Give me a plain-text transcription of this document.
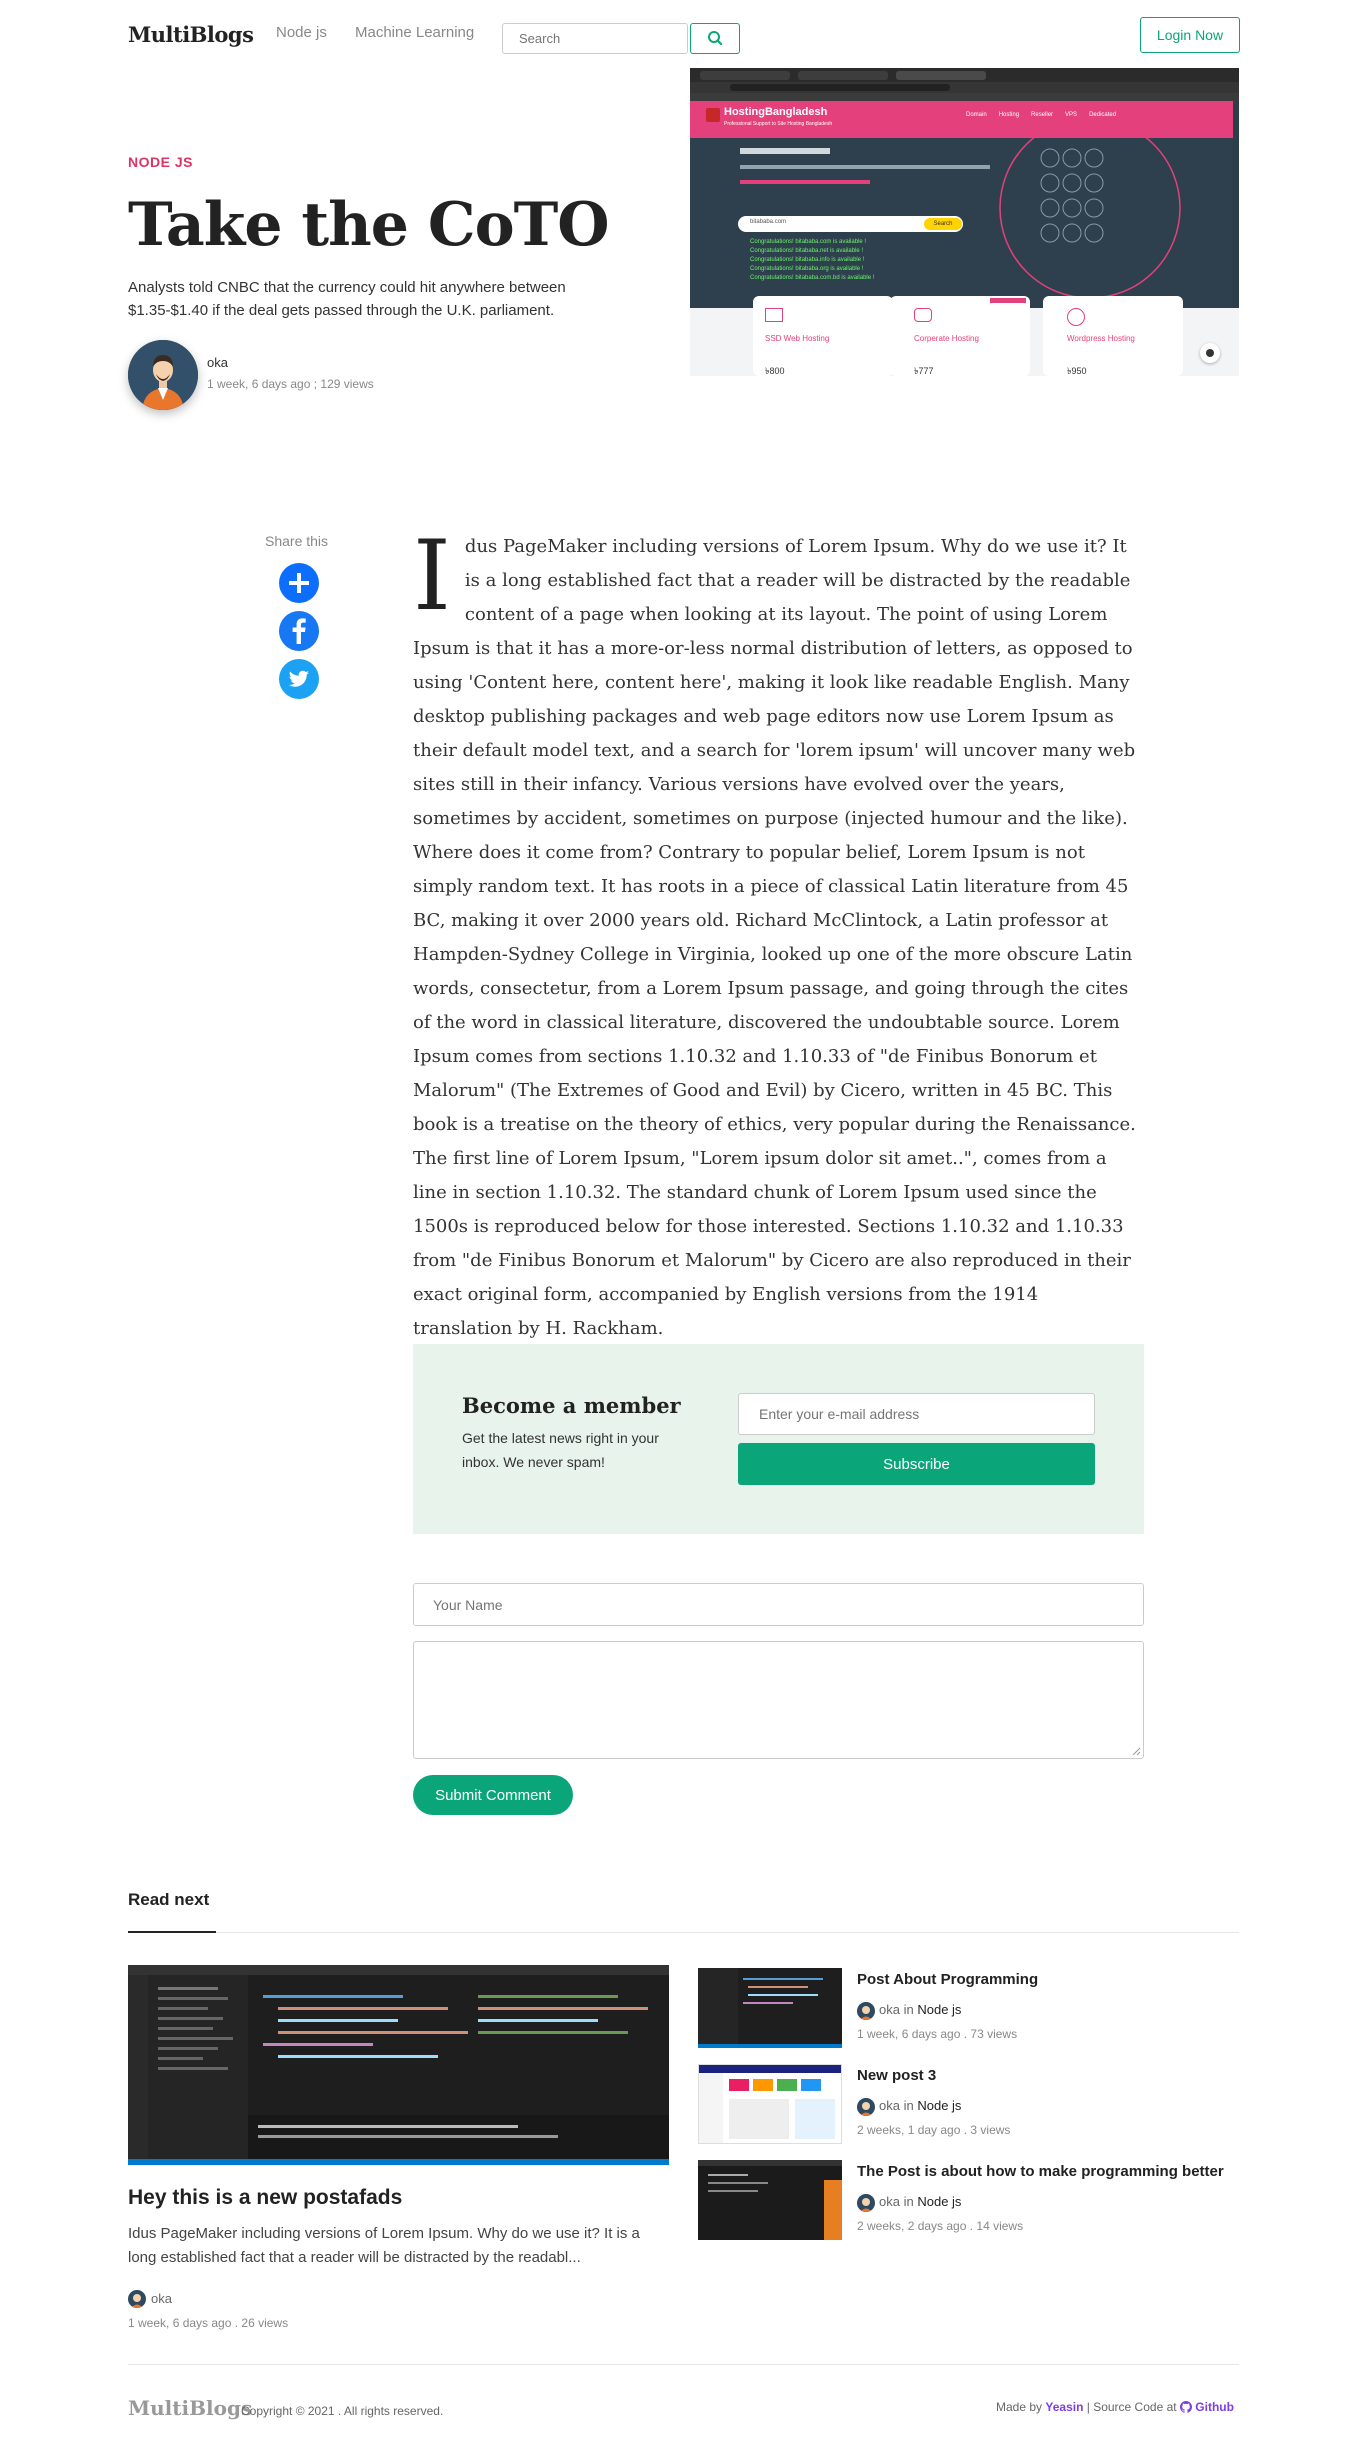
MultiBlogs Node js Machine Learning
Search	Login Now
NODE JS
Take the CoTO
Analysts told CNBC that the currency could hit anywhere between $1.35-$1.40 if the deal gets passed through the U.K. parliament.
oka
1 week, 6 days ago ; 129 views
HostingBangladesh
Professional Support to Site Hosting Bangladesh
Domain Hosting Reseller VPS Dedicated
bitababa.com	Search
Congratulations! bitababa.com is available !
Congratulations! bitababa.net is available !
Congratulations! bitababa.info is available !
Congratulations! bitababa.org is available !
Congratulations! bitababa.com.bd is available !
SSD Web Hosting
৳800
Corperate Hosting
৳777
Wordpress Hosting
৳950
Share this Idus PageMaker including versions of Lorem Ipsum. Why do we use it? It is a long established fact that a reader will be distracted by the readable content of a page when looking at its layout. The point of using Lorem Ipsum is that it has a more-or-less normal distribution of letters, as opposed to using 'Content here, content here', making it look like readable English. Many desktop publishing packages and web page editors now use Lorem Ipsum as their default model text, and a search for 'lorem ipsum' will uncover many web sites still in their infancy. Various versions have evolved over the years, sometimes by accident, sometimes on purpose (injected humour and the like). Where does it come from? Contrary to popular belief, Lorem Ipsum is not simply random text. It has roots in a piece of classical Latin literature from 45 BC, making it over 2000 years old. Richard McClintock, a Latin professor at Hampden-Sydney College in Virginia, looked up one of the more obscure Latin words, consectetur, from a Lorem Ipsum passage, and going through the cites of the word in classical literature, discovered the undoubtable source. Lorem Ipsum comes from sections 1.10.32 and 1.10.33 of "de Finibus Bonorum et Malorum" (The Extremes of Good and Evil) by Cicero, written in 45 BC. This book is a treatise on the theory of ethics, very popular during the Renaissance. The first line of Lorem Ipsum, "Lorem ipsum dolor sit amet..", comes from a line in section 1.10.32. The standard chunk of Lorem Ipsum used since the 1500s is reproduced below for those interested. Sections 1.10.32 and 1.10.33 from "de Finibus Bonorum et Malorum" by Cicero are also reproduced in their exact original form, accompanied by English versions from the 1914 translation by H. Rackham.
Become a member
Get the latest news right in your inbox. We never spam!
Enter your e-mail address	Subscribe
Your Name
Submit Comment
Read next
Hey this is a new postafads
Idus PageMaker including versions of Lorem Ipsum. Why do we use it? It is a long established fact that a reader will be distracted by the readabl...
oka
1 week, 6 days ago . 26 views
Post About Programming
oka in Node js
1 week, 6 days ago . 73 views
New post 3
oka in Node js
2 weeks, 1 day ago . 3 views
The Post is about how to make programming better
oka in Node js
2 weeks, 2 days ago . 14 views
MultiBlogs
Copyright © 2021 . All rights reserved.	Made by Yeasin | Source Code at Github
